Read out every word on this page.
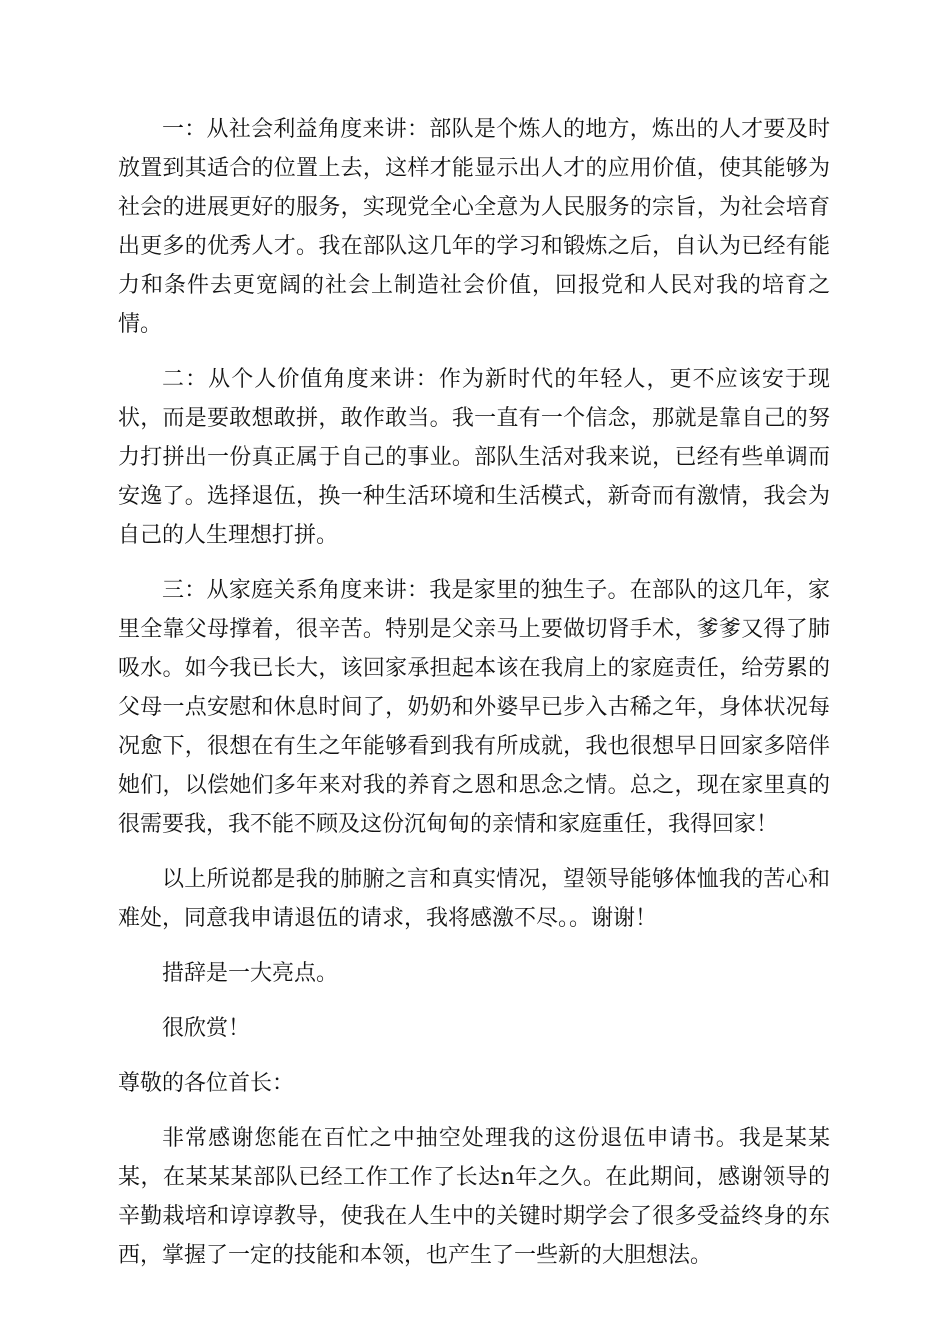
一：从社会利益角度来讲：部队是个炼人的地方，炼出的人才要及时放置到其适合的位置上去，这样才能显示出人才的应用价值，使其能够为社会的进展更好的服务，实现党全心全意为人民服务的宗旨，为社会培育出更多的优秀人才。我在部队这几年的学习和锻炼之后，自认为已经有能力和条件去更宽阔的社会上制造社会价值，回报党和人民对我的培育之情。

二：从个人价值角度来讲：作为新时代的年轻人，更不应该安于现状，而是要敢想敢拼，敢作敢当。我一直有一个信念，那就是靠自己的努力打拼出一份真正属于自己的事业。部队生活对我来说，已经有些单调而安逸了。选择退伍，换一种生活环境和生活模式，新奇而有激情，我会为自己的人生理想打拼。

三：从家庭关系角度来讲：我是家里的独生子。在部队的这几年，家里全靠父母撑着，很辛苦。特别是父亲马上要做切肾手术，爹爹又得了肺吸水。如今我已长大，该回家承担起本该在我肩上的家庭责任，给劳累的父母一点安慰和休息时间了，奶奶和外婆早已步入古稀之年，身体状况每况愈下，很想在有生之年能够看到我有所成就，我也很想早日回家多陪伴她们，以偿她们多年来对我的养育之恩和思念之情。总之，现在家里真的很需要我，我不能不顾及这份沉甸甸的亲情和家庭重任，我得回家！

以上所说都是我的肺腑之言和真实情况，望领导能够体恤我的苦心和难处，同意我申请退伍的请求，我将感激不尽。。谢谢！

措辞是一大亮点。

很欣赏！

尊敬的各位首长：

非常感谢您能在百忙之中抽空处理我的这份退伍申请书。我是某某某，在某某某部队已经工作工作了长达n年之久。在此期间，感谢领导的辛勤栽培和谆谆教导，使我在人生中的关键时期学会了很多受益终身的东西，掌握了一定的技能和本领，也产生了一些新的大胆想法。
